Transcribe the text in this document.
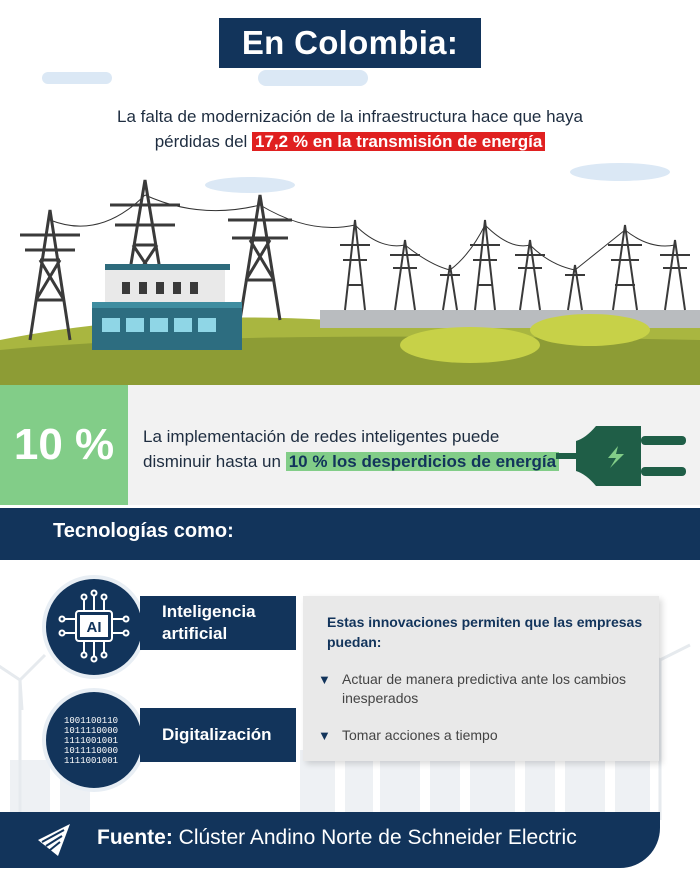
En Colombia:
La falta de modernización de la infraestructura hace que haya
pérdidas del 17,2 % en la transmisión de energía
10 %	La implementación de redes inteligentes puede
disminuir hasta un 10 % los desperdicios de energía
Tecnologías como:
AI
Inteligencia artificial
1001100110
1011110000
1111001001
1011110000
1111001001
Digitalización
Estas innovaciones permiten que las empresas puedan:
▼ Actuar de manera predictiva ante los cambios inesperados
▼ Tomar acciones a tiempo
Fuente: Clúster Andino Norte de Schneider Electric
